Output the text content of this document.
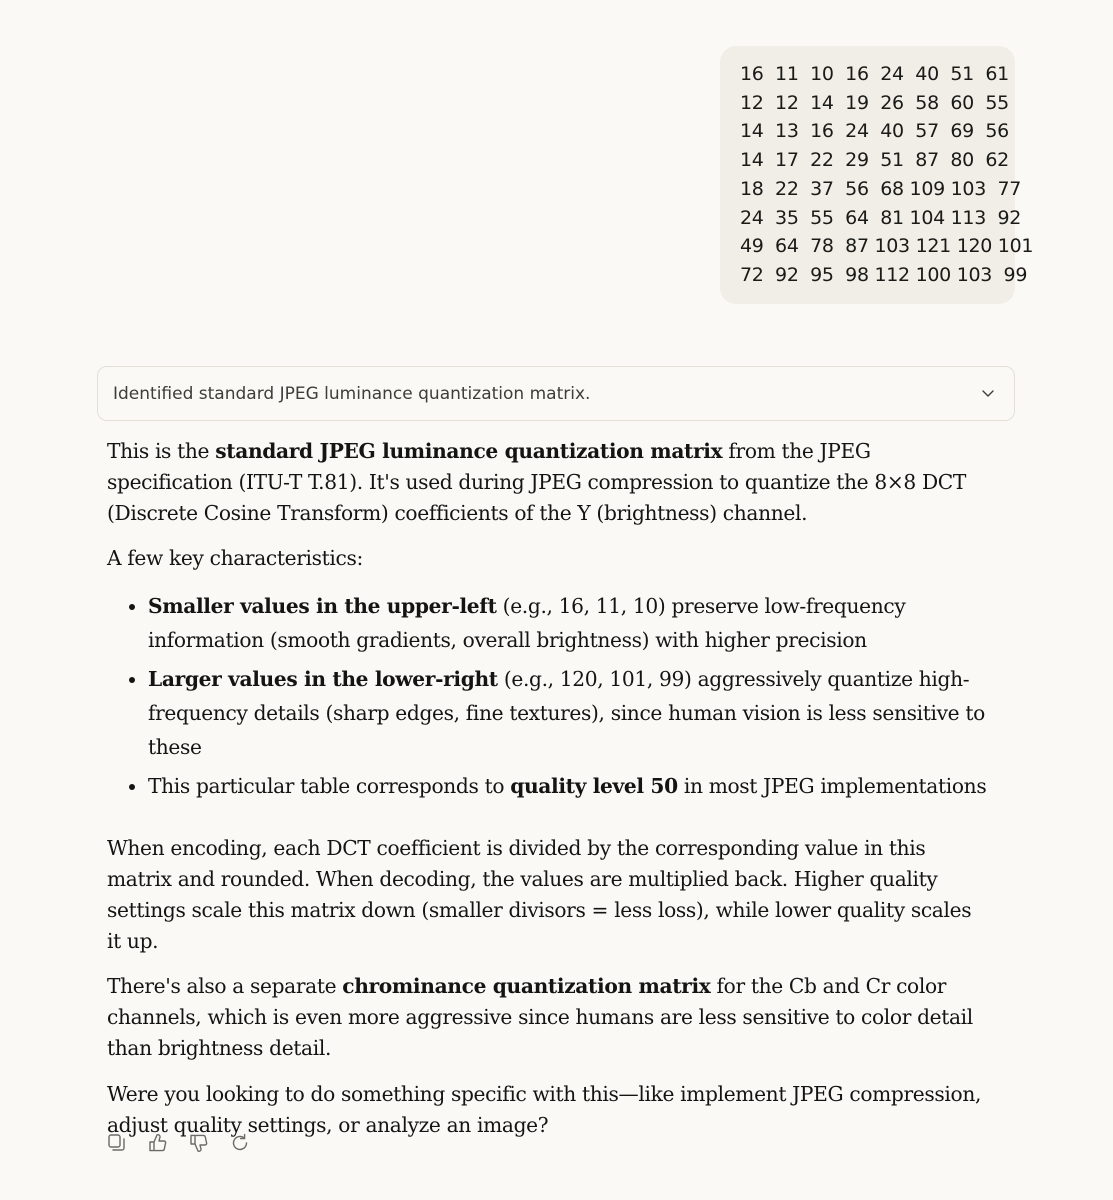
16  11  10  16  24  40  51  61
12  12  14  19  26  58  60  55
14  13  16  24  40  57  69  56
14  17  22  29  51  87  80  62
18  22  37  56  68 109 103  77
24  35  55  64  81 104 113  92
49  64  78  87 103 121 120 101
72  92  95  98 112 100 103  99
Identified standard JPEG luminance quantization matrix.

This is the standard JPEG luminance quantization matrix from the JPEG specification (ITU-T T.81). It's used during JPEG compression to quantize the 8×8 DCT (Discrete Cosine Transform) coefficients of the Y (brightness) channel.

A few key characteristics:

• Smaller values in the upper-left (e.g., 16, 11, 10) preserve low-frequency information (smooth gradients, overall brightness) with higher precision
• Larger values in the lower-right (e.g., 120, 101, 99) aggressively quantize high-frequency details (sharp edges, fine textures), since human vision is less sensitive to these
• This particular table corresponds to quality level 50 in most JPEG implementations

When encoding, each DCT coefficient is divided by the corresponding value in this matrix and rounded. When decoding, the values are multiplied back. Higher quality settings scale this matrix down (smaller divisors = less loss), while lower quality scales it up.

There's also a separate chrominance quantization matrix for the Cb and Cr color channels, which is even more aggressive since humans are less sensitive to color detail than brightness detail.

Were you looking to do something specific with this—like implement JPEG compression, adjust quality settings, or analyze an image?
